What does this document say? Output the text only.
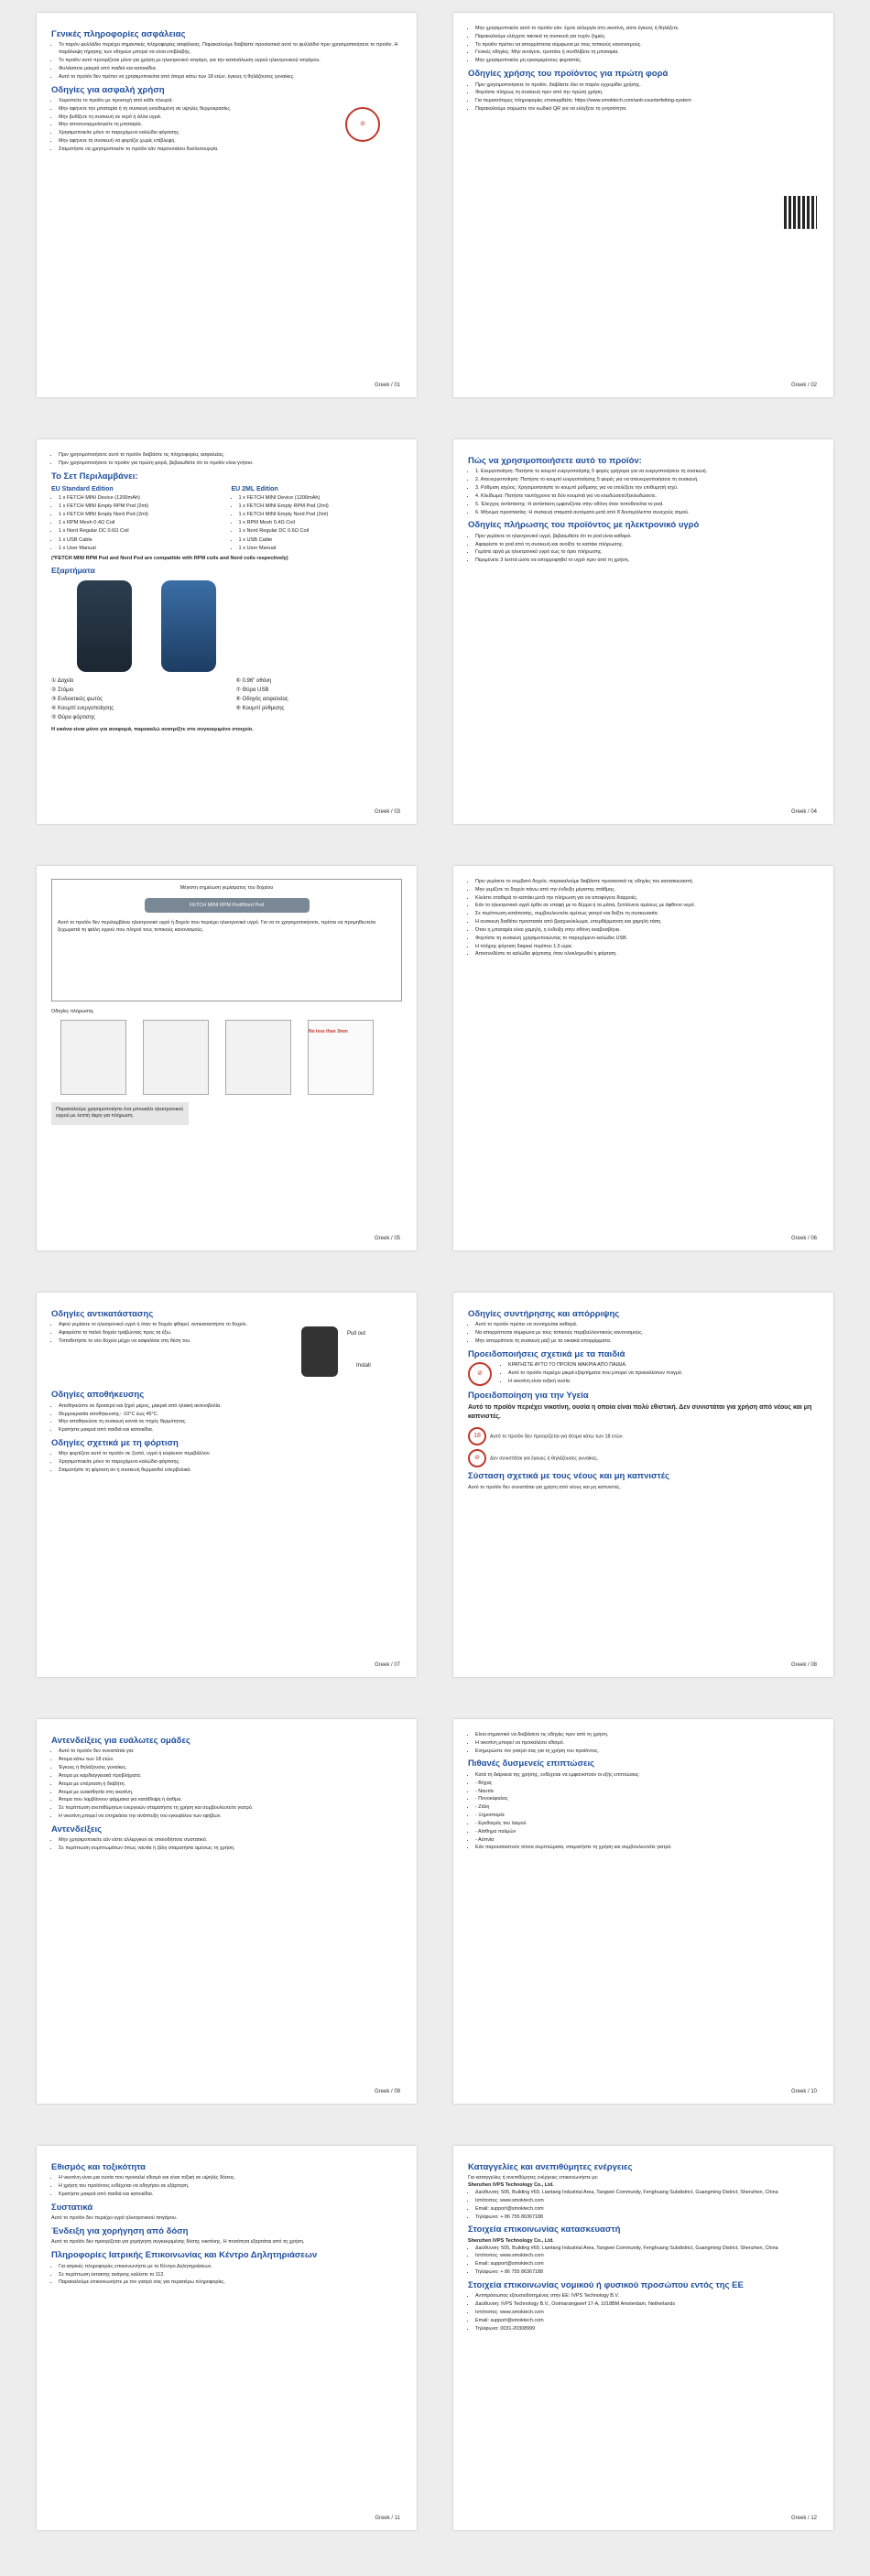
Γενικές πληροφορίες ασφάλειας
• Το παρόν φυλλάδιο περιέχει σημαντικές πληροφορίες ασφάλειας. Παρακαλούμε διαβάστε προσεκτικά αυτό το φυλλάδιο πριν χρησιμοποιήσετε το προϊόν. Η παράλειψη τήρησης των οδηγιών μπορεί να είναι επιβλαβής.
• Το προϊόν αυτό προορίζεται μόνο για χρήση με ηλεκτρονικό τσιγάρο, για την κατανάλωση υγρού ηλεκτρονικού τσιγάρου.
• Φυλάσσετε μακριά από παιδιά και κατοικίδια.
• Αυτό το προϊόν δεν πρέπει να χρησιμοποιείται από άτομα κάτω των 18 ετών, έγκυες ή θηλάζουσες γυναίκες.
Οδηγίες για ασφαλή χρήση
⊘
• Χειριστείτε το προϊόν με προσοχή από κάθε πλευρά.
• Μην αφήνετε την μπαταρία ή τη συσκευή εκτεθειμένη σε υψηλές θερμοκρασίες.
• Μην βυθίζετε τη συσκευή σε νερό ή άλλα υγρά.
• Μην αποσυναρμολογείτε τη μπαταρία.
• Χρησιμοποιείτε μόνο το παρεχόμενο καλώδιο φόρτισης.
• Μην αφήνετε τη συσκευή να φορτίζει χωρίς επίβλεψη.
• Σταματήστε να χρησιμοποιείτε το προϊόν εάν παρουσιάσει δυσλειτουργία.
Greek / 01
• Μην χρησιμοποιείτε αυτό το προϊόν εάν: έχετε αλλεργία στη νικοτίνη, είστε έγκυος ή θηλάζετε.
• Παρακαλούμε ελέγχετε τακτικά τη συσκευή για τυχόν ζημιές.
• Το προϊόν πρέπει να απορρίπτεται σύμφωνα με τους τοπικούς κανονισμούς.
• Γενικές οδηγίες: Μην ανοίγετε, τρυπάτε ή συνθλίβετε τη μπαταρία.
• Μην χρησιμοποιείτε μη εγκεκριμένους φορτιστές.
Οδηγίες χρήσης του προϊόντος για πρώτη φορά
• Πριν χρησιμοποιήσετε το προϊόν, διαβάστε όλο το παρόν εγχειρίδιο χρήσης.
• Φορτίστε πλήρως τη συσκευή πριν από την πρώτη χρήση.
• Για περισσότερες πληροφορίες επισκεφθείτε: https://www.smoktech.com/anti-counterfeiting-system
• Παρακαλούμε σαρώστε τον κωδικό QR για να ελέγξετε τη γνησιότητα.
Greek / 02
• Πριν χρησιμοποιήσετε αυτό το προϊόν διαβάστε τις πληροφορίες ασφαλείας.
• Πριν χρησιμοποιήσετε το προϊόν για πρώτη φορά, βεβαιωθείτε ότι το προϊόν είναι γνήσιο.
Το Σετ Περιλαμβάνει:
EU Standard Edition
• 1 x FETCH MINI Device (1200mAh)
• 1 x FETCH MINI Empty RPM Pod (2ml)
• 1 x FETCH MINI Empty Nord Pod (2ml)
• 1 x RPM Mesh 0.4Ω Coil
• 1 x Nord Regular DC 0.6Ω Coil
• 1 x USB Cable
• 1 x User Manual
EU 2ML Edition
• 1 x FETCH MINI Device (1200mAh)
• 1 x FETCH MINI Empty RPM Pod (2ml)
• 1 x FETCH MINI Empty Nord Pod (2ml)
• 1 x RPM Mesh 0.4Ω Coil
• 1 x Nord Regular DC 0.6Ω Coil
• 1 x USB Cable
• 1 x User Manual

(*FETCH MINI RPM Pod and Nord Pod are compatible with RPM coils and Nord coils respectively)

Εξαρτήματα
① Δοχείο	⑥ 0.96" οθόνη
② Στόμιο	⑦ Θύρα USB
③ Ενδεικτικός φωτός	⑧ Οδηγός ασφαλείας
④ Κουμπί ενεργοποίησης	⑨ Κουμπί ρύθμισης
⑤ Θύρα φόρτισης

Η εικόνα είναι μόνο για αναφορά, παρακαλώ ανατρέξτε στο συγκεκριμένο στοιχείο.

Greek / 03
Πώς να χρησιμοποιήσετε αυτό το προϊόν:
• 1. Ενεργοποίηση: Πατήστε το κουμπί ενεργοποίησης 5 φορές γρήγορα για να ενεργοποιήσετε τη συσκευή.
• 2. Απενεργοποίηση: Πατήστε το κουμπί ενεργοποίησης 5 φορές για να απενεργοποιήσετε τη συσκευή.
• 3. Ρύθμιση ισχύος: Χρησιμοποιήστε το κουμπί ρύθμισης για να επιλέξετε την επιθυμητή ισχύ.
• 4. Κλείδωμα: Πατήστε ταυτόχρονα τα δύο κουμπιά για να κλειδώσετε/ξεκλειδώσετε.
• 5. Έλεγχος αντίστασης: Η αντίσταση εμφανίζεται στην οθόνη όταν τοποθετείται το pod.
• 6. Μήνυμα προστασίας: Η συσκευή σταματά αυτόματα μετά από 8 δευτερόλεπτα συνεχούς ατμού.
Οδηγίες πλήρωσης του προϊόντος με ηλεκτρονικό υγρό
• Πριν γεμίσετε το ηλεκτρονικό υγρό, βεβαιωθείτε ότι το pod είναι καθαρό.
• Αφαιρέστε το pod από τη συσκευή και ανοίξτε το καπάκι πλήρωσης.
• Γεμίστε αργά με ηλεκτρονικό υγρό έως το όριο πλήρωσης.
• Περιμένετε 3 λεπτά ώστε να απορροφηθεί το υγρό πριν από τη χρήση.
Greek / 04

Μέγιστη σημείωση γεμίσματος του δοχείου

FETCH MINI RPM Pod/Nord Pod

Αυτό το προϊόν δεν περιλαμβάνει ηλεκτρονικό υγρό ή δοχείο που περιέχει ηλεκτρονικό υγρό. Για να το χρησιμοποιήσετε, πρέπει να προμηθευτείτε ξεχωριστά τη φιάλη υγρού που πληροί τους τοπικούς κανονισμούς.

Οδηγίες πλήρωσης

No less than 3mm
Παρακαλούμε χρησιμοποιήστε ένα μπουκάλι ηλεκτρονικού υγρού με λεπτή άκρη για πλήρωση.
Greek / 05
• Πριν γεμίσετε το συμβατό δοχείο, παρακαλούμε διαβάστε προσεκτικά τις οδηγίες του κατασκευαστή.
• Μην γεμίζετε το δοχείο πάνω από την ένδειξη μέγιστης στάθμης.
• Κλείστε σταθερά το καπάκι μετά την πλήρωση για να αποφύγετε διαρροές.
• Εάν το ηλεκτρονικό υγρό έρθει σε επαφή με το δέρμα ή τα μάτια, ξεπλύνετε αμέσως με άφθονο νερό.
• Σε περίπτωση κατάποσης, συμβουλευτείτε αμέσως γιατρό και δείξτε τη συσκευασία.
• Η συσκευή διαθέτει προστασία από βραχυκύκλωμα, υπερθέρμανση και χαμηλή τάση.
• Όταν η μπαταρία είναι χαμηλή, η ένδειξη στην οθόνη αναβοσβήνει.
• Φορτίστε τη συσκευή χρησιμοποιώντας το παρεχόμενο καλώδιο USB.
• Η πλήρης φόρτιση διαρκεί περίπου 1,5 ώρα.
• Αποσυνδέστε το καλώδιο φόρτισης όταν ολοκληρωθεί η φόρτιση.
Greek / 06
Οδηγίες αντικατάστασης
• Αφού γεμίσετε το ηλεκτρονικό υγρό ή όταν το δοχείο φθαρεί, αντικαταστήστε το δοχείο.
• Αφαιρέστε το παλιό δοχείο τραβώντας προς τα έξω.
• Τοποθετήστε το νέο δοχείο μέχρι να ασφαλίσει στη θέση του.
Pull out
Install
Οδηγίες αποθήκευσης
• Αποθηκεύστε σε δροσερό και ξηρό μέρος, μακριά από ηλιακή ακτινοβολία.
• Θερμοκρασία αποθήκευσης: -10°C έως 45°C.
• Μην αποθηκεύετε τη συσκευή κοντά σε πηγές θερμότητας.
• Κρατήστε μακριά από παιδιά και κατοικίδια.
Οδηγίες σχετικά με τη φόρτιση
• Μην φορτίζετε αυτό το προϊόν σε ζεστό, υγρό ή εύφλεκτο περιβάλλον.
• Χρησιμοποιείτε μόνο το παρεχόμενο καλώδιο φόρτισης.
• Σταματήστε τη φόρτιση αν η συσκευή θερμανθεί υπερβολικά.
Greek / 07
Οδηγίες συντήρησης και απόρριψης
• Αυτό το προϊόν πρέπει να συντηρείται καθαρά.
• Να απορρίπτεται σύμφωνα με τους τοπικούς περιβαλλοντικούς κανονισμούς.
• Μην απορρίπτετε τη συσκευή μαζί με τα οικιακά απορρίμματα.
Προειδοποιήσεις σχετικά με τα παιδιά
⊘
• ΚΡΑΤΗΣΤΕ ΑΥΤΟ ΤΟ ΠΡΟΪΟΝ ΜΑΚΡΙΑ ΑΠΟ ΠΑΙΔΙΑ.
• Αυτό το προϊόν περιέχει μικρά εξαρτήματα που μπορεί να προκαλέσουν πνιγμό.
• Η νικοτίνη είναι τοξική ουσία.
Προειδοποίηση για την Υγεία

Αυτό το προϊόν περιέχει νικοτίνη, ουσία η οποία είναι πολύ εθιστική. Δεν συνιστάται για χρήση από νέους και μη καπνιστές.

18 Αυτό το προϊόν δεν προορίζεται για άτομα κάτω των 18 ετών.

⊘ Δεν συνιστάται για έγκυες ή θηλάζουσες γυναίκες.

Σύσταση σχετικά με τους νέους και μη καπνιστές

Αυτό το προϊόν δεν συνιστάται για χρήση από νέους και μη καπνιστές.

Greek / 08
Αντενδείξεις για ευάλωτες ομάδες
• Αυτό το προϊόν δεν συνιστάται για:
• Άτομα κάτω των 18 ετών.
• Έγκυες ή θηλάζουσες γυναίκες.
• Άτομα με καρδιαγγειακά προβλήματα.
• Άτομα με υπέρταση ή διαβήτη.
• Άτομα με ευαισθησία στη νικοτίνη.
• Άτομα που λαμβάνουν φάρμακα για κατάθλιψη ή άσθμα.
• Σε περίπτωση ανεπιθύμητων ενεργειών σταματήστε τη χρήση και συμβουλευτείτε γιατρό.
• Η νικοτίνη μπορεί να επηρεάσει την ανάπτυξη του εγκεφάλου των εφήβων.
Αντενδείξεις
• Μην χρησιμοποιείτε εάν είστε αλλεργικοί σε οποιοδήποτε συστατικό.
• Σε περίπτωση συμπτωμάτων όπως ναυτία ή ζάλη σταματήστε αμέσως τη χρήση.
Greek / 09
• Είναι σημαντικό να διαβάσετε τις οδηγίες πριν από τη χρήση.
• Η νικοτίνη μπορεί να προκαλέσει εθισμό.
• Ενημερώστε τον γιατρό σας για τη χρήση του προϊόντος.
Πιθανές δυσμενείς επιπτώσεις
• Κατά τη διάρκεια της χρήσης, ενδέχεται να εμφανιστούν οι εξής επιπτώσεις:
• - Βήχας
• - Ναυτία
• - Πονοκέφαλος
• - Ζάλη
• - Ξηροστομία
• - Ερεθισμός του λαιμού
• - Αίσθημα παλμών
• - Αϋπνία
• Εάν παρουσιαστούν τέτοια συμπτώματα, σταματήστε τη χρήση και συμβουλευτείτε γιατρό.
Greek / 10
Εθισμός και τοξικότητα
• Η νικοτίνη είναι μια ουσία που προκαλεί εθισμό και είναι τοξική σε υψηλές δόσεις.
• Η χρήση του προϊόντος ενδέχεται να οδηγήσει σε εξάρτηση.
• Κρατήστε μακριά από παιδιά και κατοικίδια.
Συστατικά

Αυτό το προϊόν δεν περιέχει υγρό ηλεκτρονικού τσιγάρου.

Ένδειξη για χορήγηση από δόση

Αυτό το προϊόν δεν προορίζεται για χορήγηση συγκεκριμένης δόσης νικοτίνης. Η ποσότητα εξαρτάται από τη χρήση.

Πληροφορίες Ιατρικής Επικοινωνίας και Κέντρο Δηλητηριάσεων
• Για ιατρικές πληροφορίες επικοινωνήστε με το Κέντρο Δηλητηριάσεων.
• Σε περίπτωση έκτακτης ανάγκης καλέστε το 112.
• Παρακαλούμε επικοινωνήστε με τον γιατρό σας για περαιτέρω πληροφορίες.
Greek / 11
Καταγγελίες και ανεπιθύμητες ενέργειες

Για καταγγελίες ή ανεπιθύμητες ενέργειες επικοινωνήστε με:

Shenzhen IVPS Technology Co., Ltd.

• Διεύθυνση: 505, Building #69, Liantang Industrial Area, Tangwei Community, Fenghuang Subdistrict, Guangming District, Shenzhen, China
• Ιστότοπος: www.smoktech.com
• Email: support@smoktech.com
• Τηλέφωνο: + 86 755 86367188
Στοιχεία επικοινωνίας κατασκευαστή

Shenzhen IVPS Technology Co., Ltd.

• Διεύθυνση: 505, Building #69, Liantang Industrial Area, Tangwei Community, Fenghuang Subdistrict, Guangming District, Shenzhen, China
• Ιστότοπος: www.smoktech.com
• Email: support@smoktech.com
• Τηλέφωνο: + 86 755 86367188
Στοιχεία επικοινωνίας νομικού ή φυσικού προσώπου εντός της ΕΕ
• Αντιπρόσωπος εξουσιοδοτημένος στην ΕΕ: IVPS Technology B.V.
• Διεύθυνση: IVPS Technology B.V., Ootmarsingwerf 17-A, 1018BM Amsterdam, Netherlands
• Ιστότοπος: www.smoktech.com
• Email: support@smoktech.com
• Τηλέφωνο: 0031-20308999
Greek / 12
